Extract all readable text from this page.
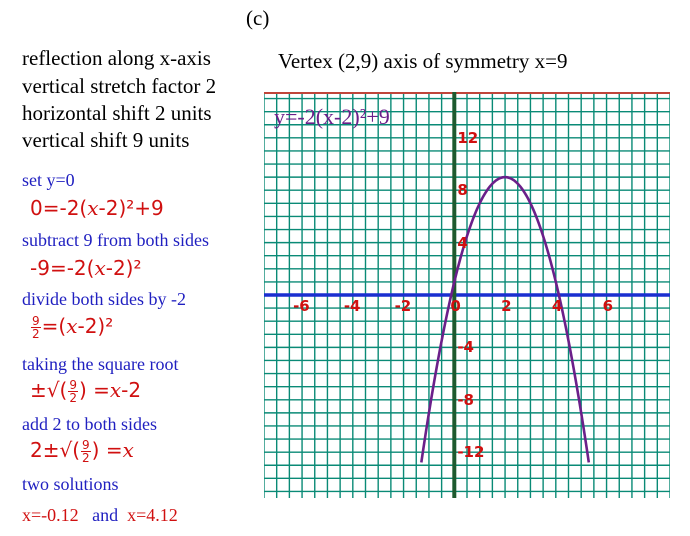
(c)
reflection along x-axis
vertical stretch factor 2
horizontal shift 2 units
vertical shift 9 units
Vertex (2,9) axis of symmetry x=9
set y=0
0=-2(x-2)²+9
subtract 9 from both sides
-9=-2(x-2)²
divide both sides by -2
$\frac{9}{2} =(x-2)^2$
taking the square root
±√( $\frac{9}{2}$ ) =x-2
add 2 to both sides
$2\pm√( \frac{9}{2}$ ) =x
two solutions
x=-0.12 and x=4.12
y=-2(x-2)²+9
-6 -4 -2	0	2	4	6
12
8
4
-4
-8
-12
